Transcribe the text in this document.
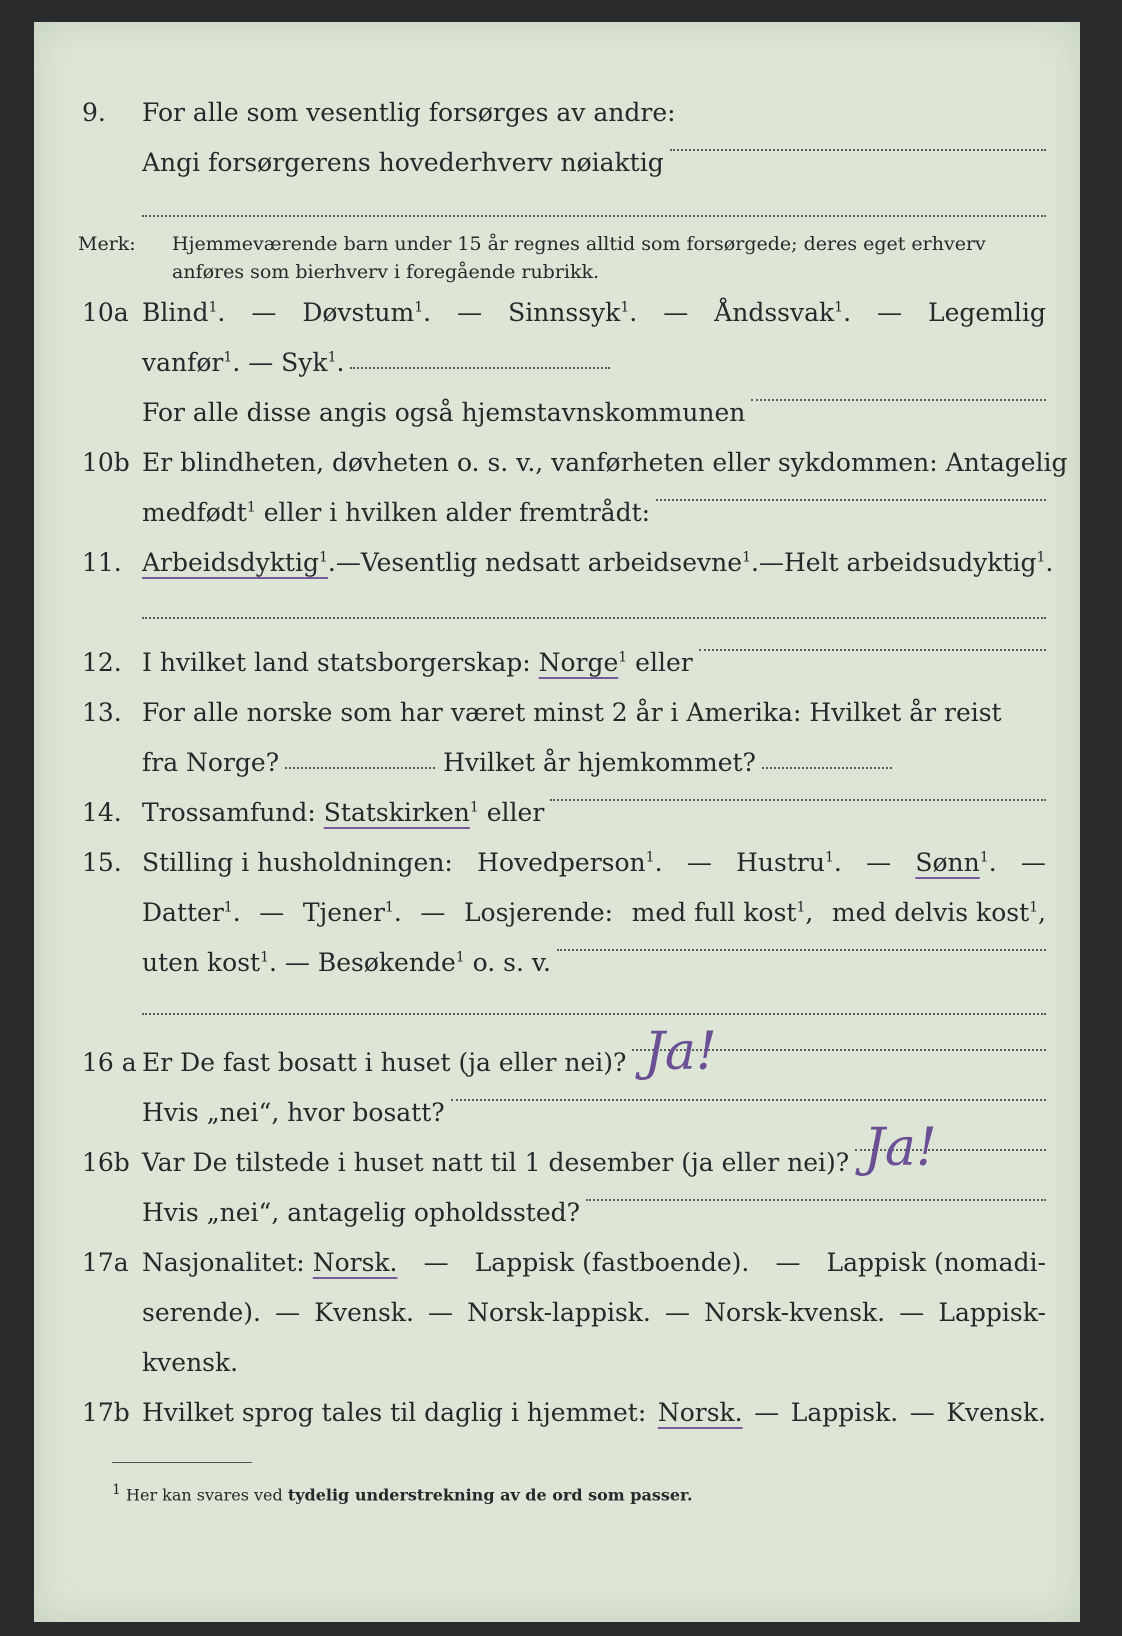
9. For alle som vesentlig forsørges av andre:
Angi forsørgerens hovederhverv nøiaktig
Merk: Hjemmeværende barn under 15 år regnes alltid som forsørgede; deres eget erhverv anføres som bierhverv i foregående rubrikk.
10a Blind$^1$. — Døvstum$^1$. — Sinnssyk$^1$. — Åndssvak$^1$. — Legemlig
vanfør$^1$. — Syk$^1$.
For alle disse angis også hjemstavnskommunen
10b Er blindheten, døvheten o. s. v., vanførheten eller sykdommen: Antagelig
medfødt$^1$ eller i hvilken alder fremtrådt:
11. Arbeidsdyktig$^1$ . — Vesentlig nedsatt arbeidsevne$^1$. — Helt arbeidsudyktig$^1$.
12. I hvilket land statsborgerskap: Norge$^1$ eller
13. For alle norske som har været minst 2 år i Amerika: Hvilket år reist
fra Norge?	Hvilket år hjemkommet?
14. Trossamfund: Statskirken$^1$ eller
15. Stilling i husholdningen: Hovedperson$^1$. — Hustru$^1$. — Sønn$^1$. —
Datter$^1$. — Tjener$^1$. — Losjerende: med full kost$^1$, med delvis kost$^1$,
uten kost$^1$. — Besøkende$^1$ o. s. v.
16 a Er De fast bosatt i huset (ja eller nei)? Ja!
Hvis „nei“, hvor bosatt?
16b Var De tilstede i huset natt til 1 desember (ja eller nei)? Ja!
Hvis „nei“, antagelig opholdssted?
17a Nasjonalitet: Norsk. — Lappisk (fastboende). — Lappisk (nomadi-
serende). — Kvensk. — Norsk-lappisk. — Norsk-kvensk. — Lappisk-
kvensk.
17b Hvilket sprog tales til daglig i hjemmet: Norsk. — Lappisk. — Kvensk.
1 Her kan svares ved tydelig understrekning av de ord som passer.
